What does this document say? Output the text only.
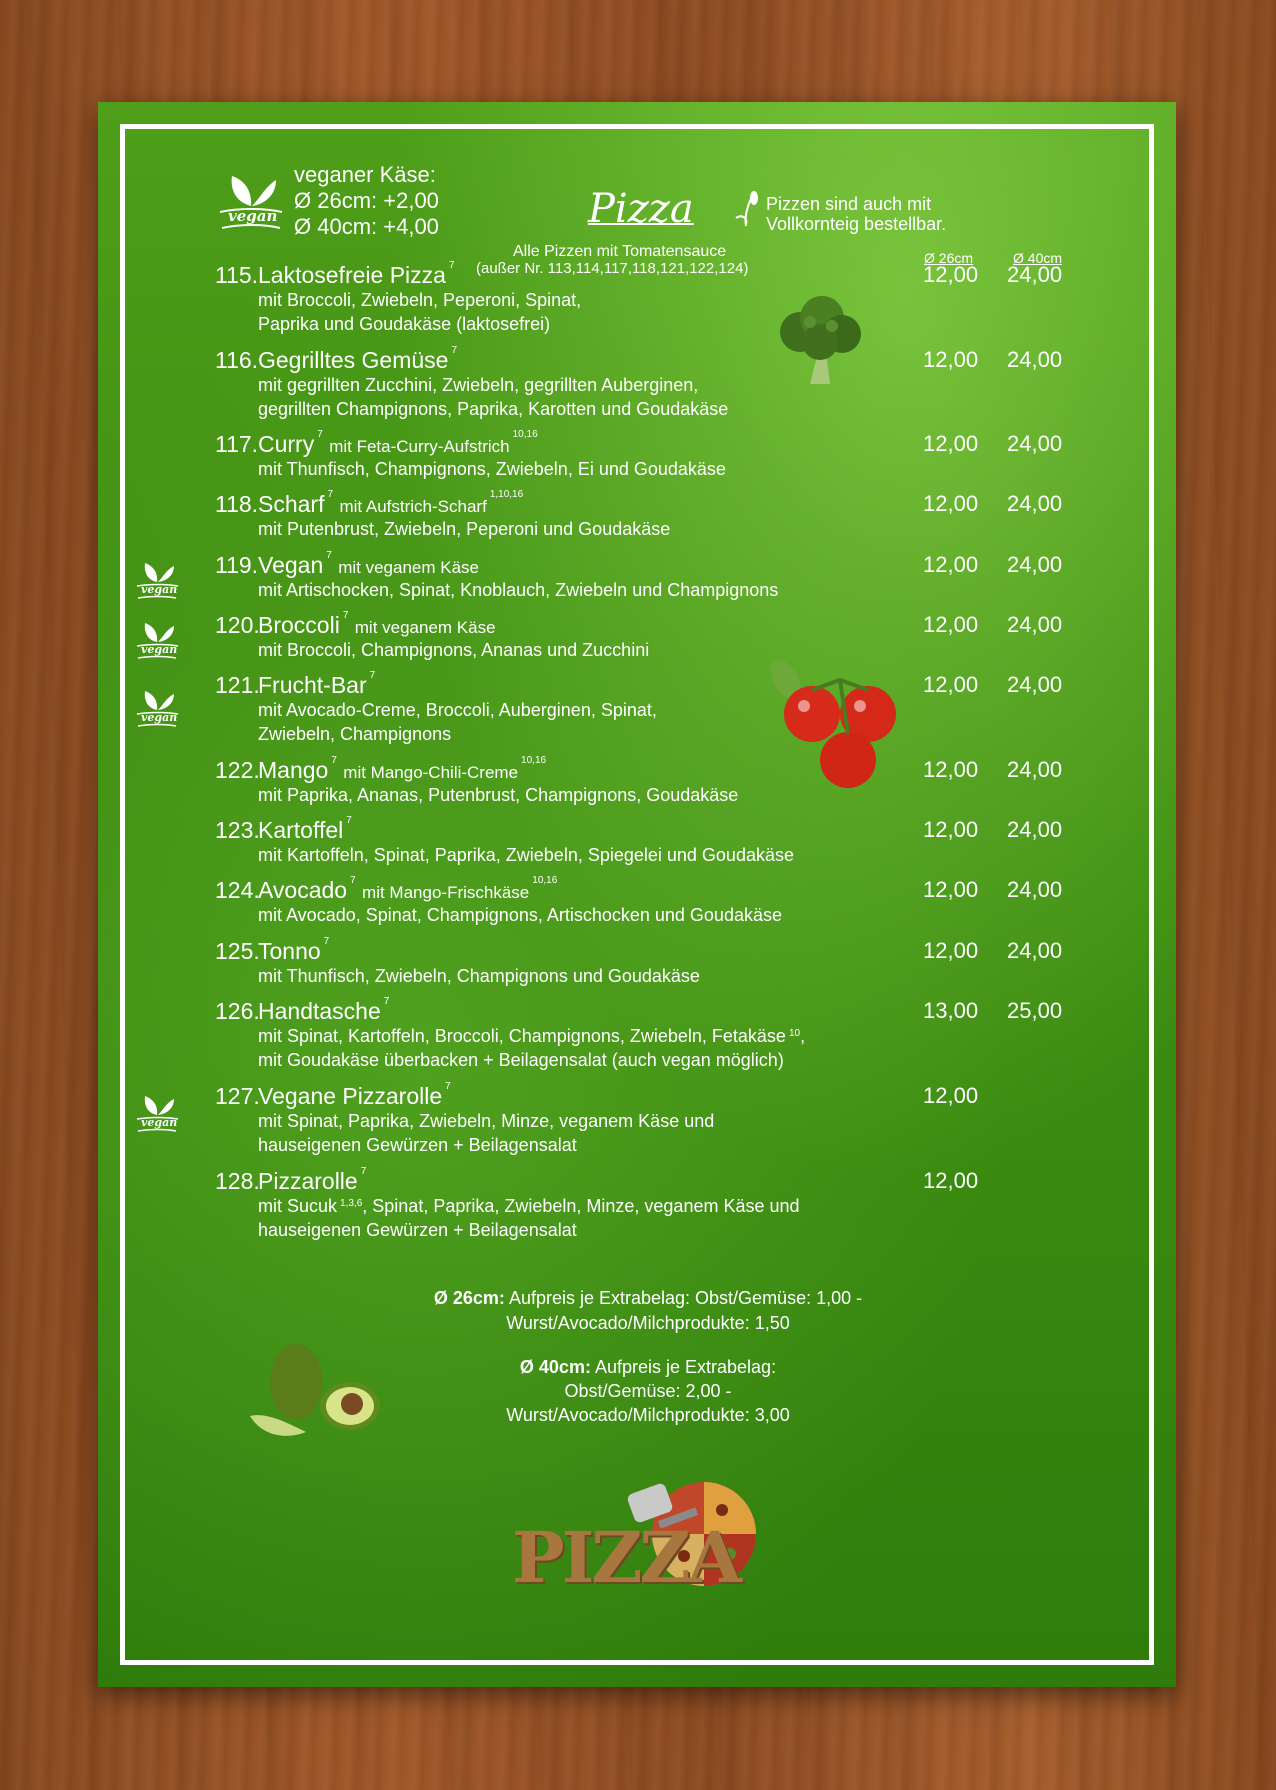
vegan
veganer Käse:
Ø 26cm: +2,00
Ø 40cm: +4,00	Pizza	Pizzen sind auch mit
Vollkornteig bestellbar.
Alle Pizzen mit Tomatensauce
(außer Nr. 113,114,117,118,121,122,124)
Ø 26cm	Ø 40cm
115. Laktosefreie Pizza $^7$
mit Broccoli, Zwiebeln, Peperoni, Spinat,
Paprika und Goudakäse (laktosefrei)
12,00 24,00
116. Gegrilltes Gemüse $^7$
mit gegrillten Zucchini, Zwiebeln, gegrillten Auberginen,
gegrillten Champignons, Paprika, Karotten und Goudakäse
12,00 24,00
117. Curry $^7$ mit Feta-Curry-Aufstrich$^{10,16}$
mit Thunfisch, Champignons, Zwiebeln, Ei und Goudakäse
12,00 24,00
118. Scharf $^7$ mit Aufstrich-Scharf$^{1,10,16}$
mit Putenbrust, Zwiebeln, Peperoni und Goudakäse
12,00 24,00
vegan
119. Vegan $^7$ mit veganem Käse
mit Artischocken, Spinat, Knoblauch, Zwiebeln und Champignons
12,00 24,00
vegan
120.
Broccoli $^7$ mit veganem Käse
mit Broccoli, Champignons, Ananas und Zucchini
12,00 24,00
vegan
121.
Frucht-Bar $^7$
mit Avocado-Creme, Broccoli, Auberginen, Spinat,
Zwiebeln, Champignons
12,00 24,00
122.
Mango $^7$ mit Mango-Chili-Creme$^{10,16}$
mit Paprika, Ananas, Putenbrust, Champignons, Goudakäse
12,00 24,00
123.
Kartoffel $^7$
mit Kartoffeln, Spinat, Paprika, Zwiebeln, Spiegelei und Goudakäse
12,00 24,00
124.
Avocado $^7$ mit Mango-Frischkäse$^{10,16}$
mit Avocado, Spinat, Champignons, Artischocken und Goudakäse
12,00 24,00
125.
Tonno $^7$
mit Thunfisch, Zwiebeln, Champignons und Goudakäse
12,00 24,00
126.
Handtasche $^7$
mit Spinat, Kartoffeln, Broccoli, Champignons, Zwiebeln, Fetakäse $^{10}$,
mit Goudakäse überbacken + Beilagensalat (auch vegan möglich)
13,00 25,00
vegan
127.
Vegane Pizzarolle $^7$
mit Spinat, Paprika, Zwiebeln, Minze, veganem Käse und
hauseigenen Gewürzen + Beilagensalat
12,00
128.
Pizzarolle $^7$
mit Sucuk $^{1,3,6}$, Spinat, Paprika, Zwiebeln, Minze, veganem Käse und
hauseigenen Gewürzen + Beilagensalat
12,00
Ø 26cm: Aufpreis je Extrabelag: Obst/Gemüse: 1,00 -
Wurst/Avocado/Milchprodukte: 1,50
Ø 40cm: Aufpreis je Extrabelag:
Obst/Gemüse: 2,00 -
Wurst/Avocado/Milchprodukte: 3,00
PIZZA
